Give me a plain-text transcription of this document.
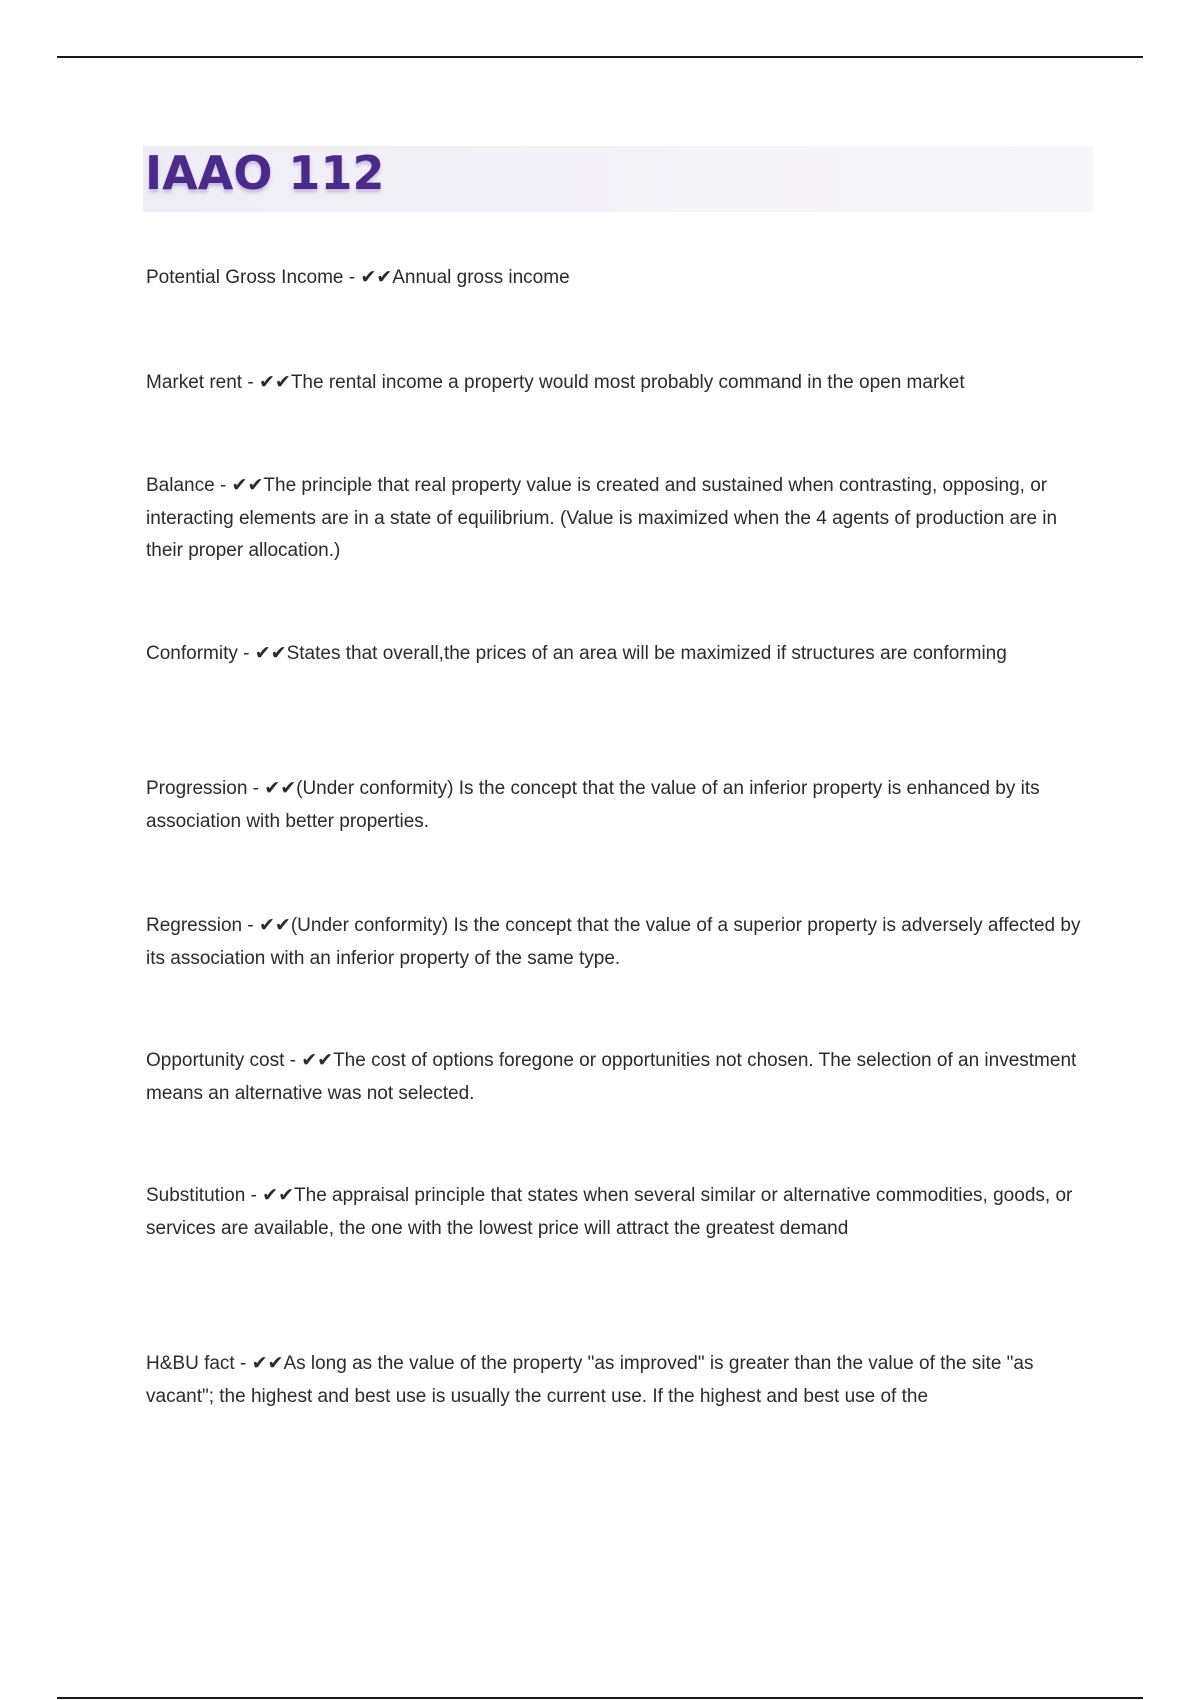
IAAO 112
Potential Gross Income - ✔✔Annual gross income
Market rent - ✔✔The rental income a property would most probably command in the open market
Balance - ✔✔The principle that real property value is created and sustained when contrasting, opposing, or interacting elements are in a state of equilibrium. (Value is maximized when the 4 agents of production are in their proper allocation.)
Conformity - ✔✔States that overall,the prices of an area will be maximized if structures are conforming
Progression - ✔✔(Under conformity) Is the concept that the value of an inferior property is enhanced by its association with better properties.
Regression - ✔✔(Under conformity) Is the concept that the value of a superior property is adversely affected by its association with an inferior property of the same type.
Opportunity cost - ✔✔The cost of options foregone or opportunities not chosen. The selection of an investment means an alternative was not selected.
Substitution - ✔✔The appraisal principle that states when several similar or alternative commodities, goods, or services are available, the one with the lowest price will attract the greatest demand
H&BU fact - ✔✔As long as the value of the property "as improved" is greater than the value of the site "as vacant"; the highest and best use is usually the current use. If the highest and best use of the
